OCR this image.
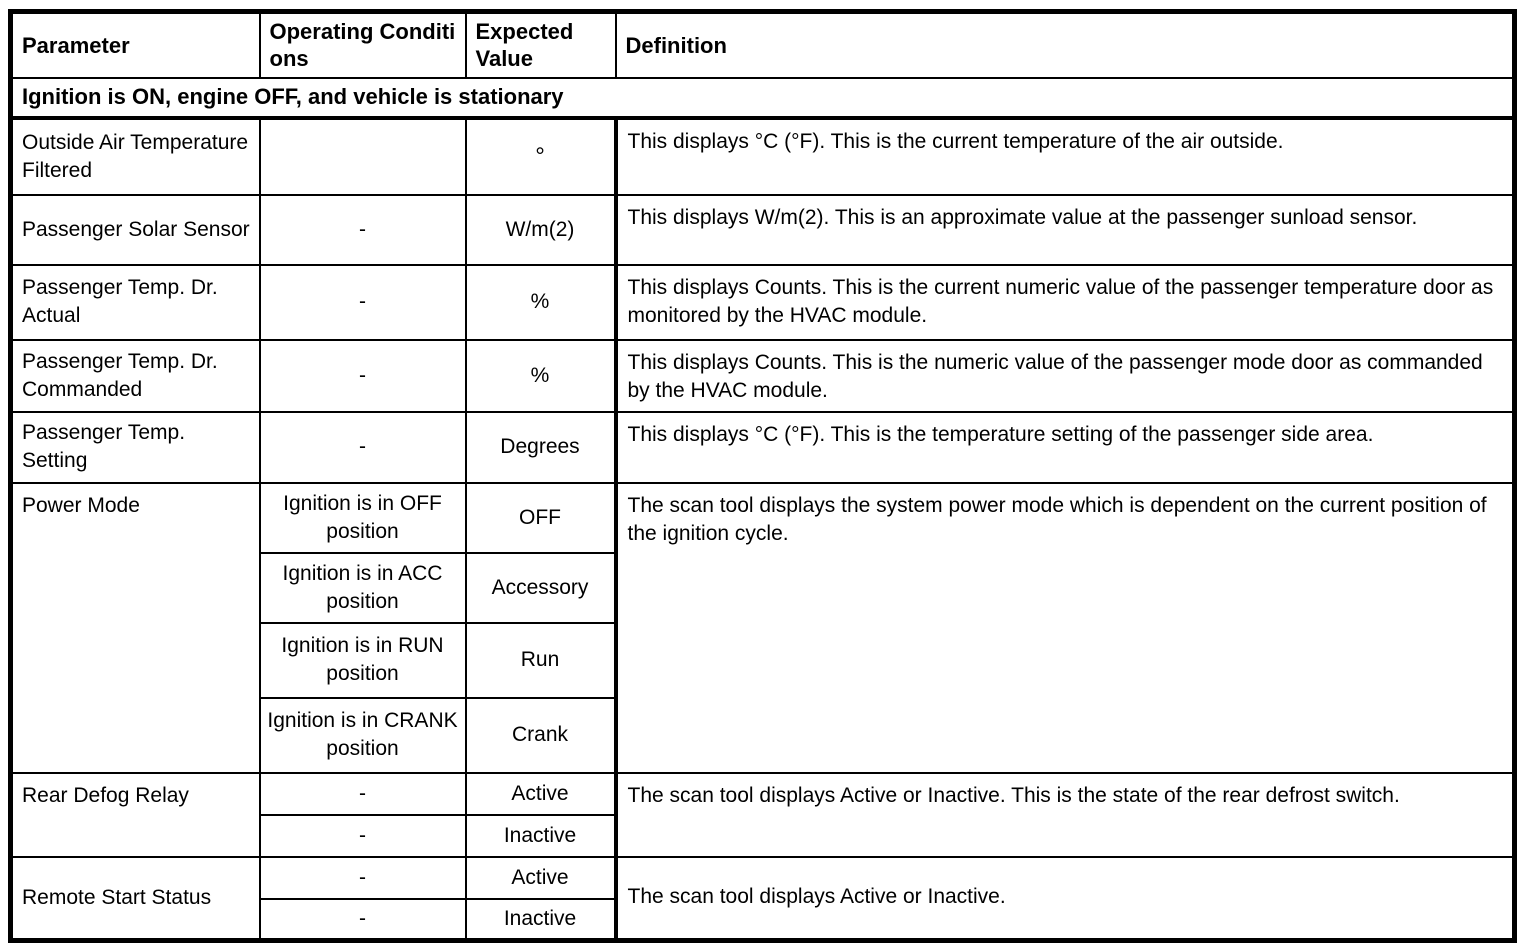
Parameter	Operating Conditions	Expected Value	Definition
Ignition is ON, engine OFF, and vehicle is stationary			
Outside Air Temperature Filtered		°	This displays °C (°F). This is the current temperature of the air outside.
Passenger Solar Sensor	-	W/m(2)	This displays W/m(2). This is an approximate value at the passenger sunload sensor.
Passenger Temp. Dr. Actual	-	%	This displays Counts. This is the current numeric value of the passenger temperature door as monitored by the HVAC module.
Passenger Temp. Dr. Commanded	-	%	This displays Counts. This is the numeric value of the passenger mode door as commanded by the HVAC module.
Passenger Temp. Setting	-	Degrees	This displays °C (°F). This is the temperature setting of the passenger side area.
Power Mode	Ignition is in OFF position	OFF	The scan tool displays the system power mode which is dependent on the current position of the ignition cycle.
	Ignition is in ACC position	Accessory	
	Ignition is in RUN position	Run	
	Ignition is in CRANK position	Crank	
Rear Defog Relay	-	Active	The scan tool displays Active or Inactive. This is the state of the rear defrost switch.
	-	Inactive	
Remote Start Status	-	Active	The scan tool displays Active or Inactive.
	-	Inactive	
